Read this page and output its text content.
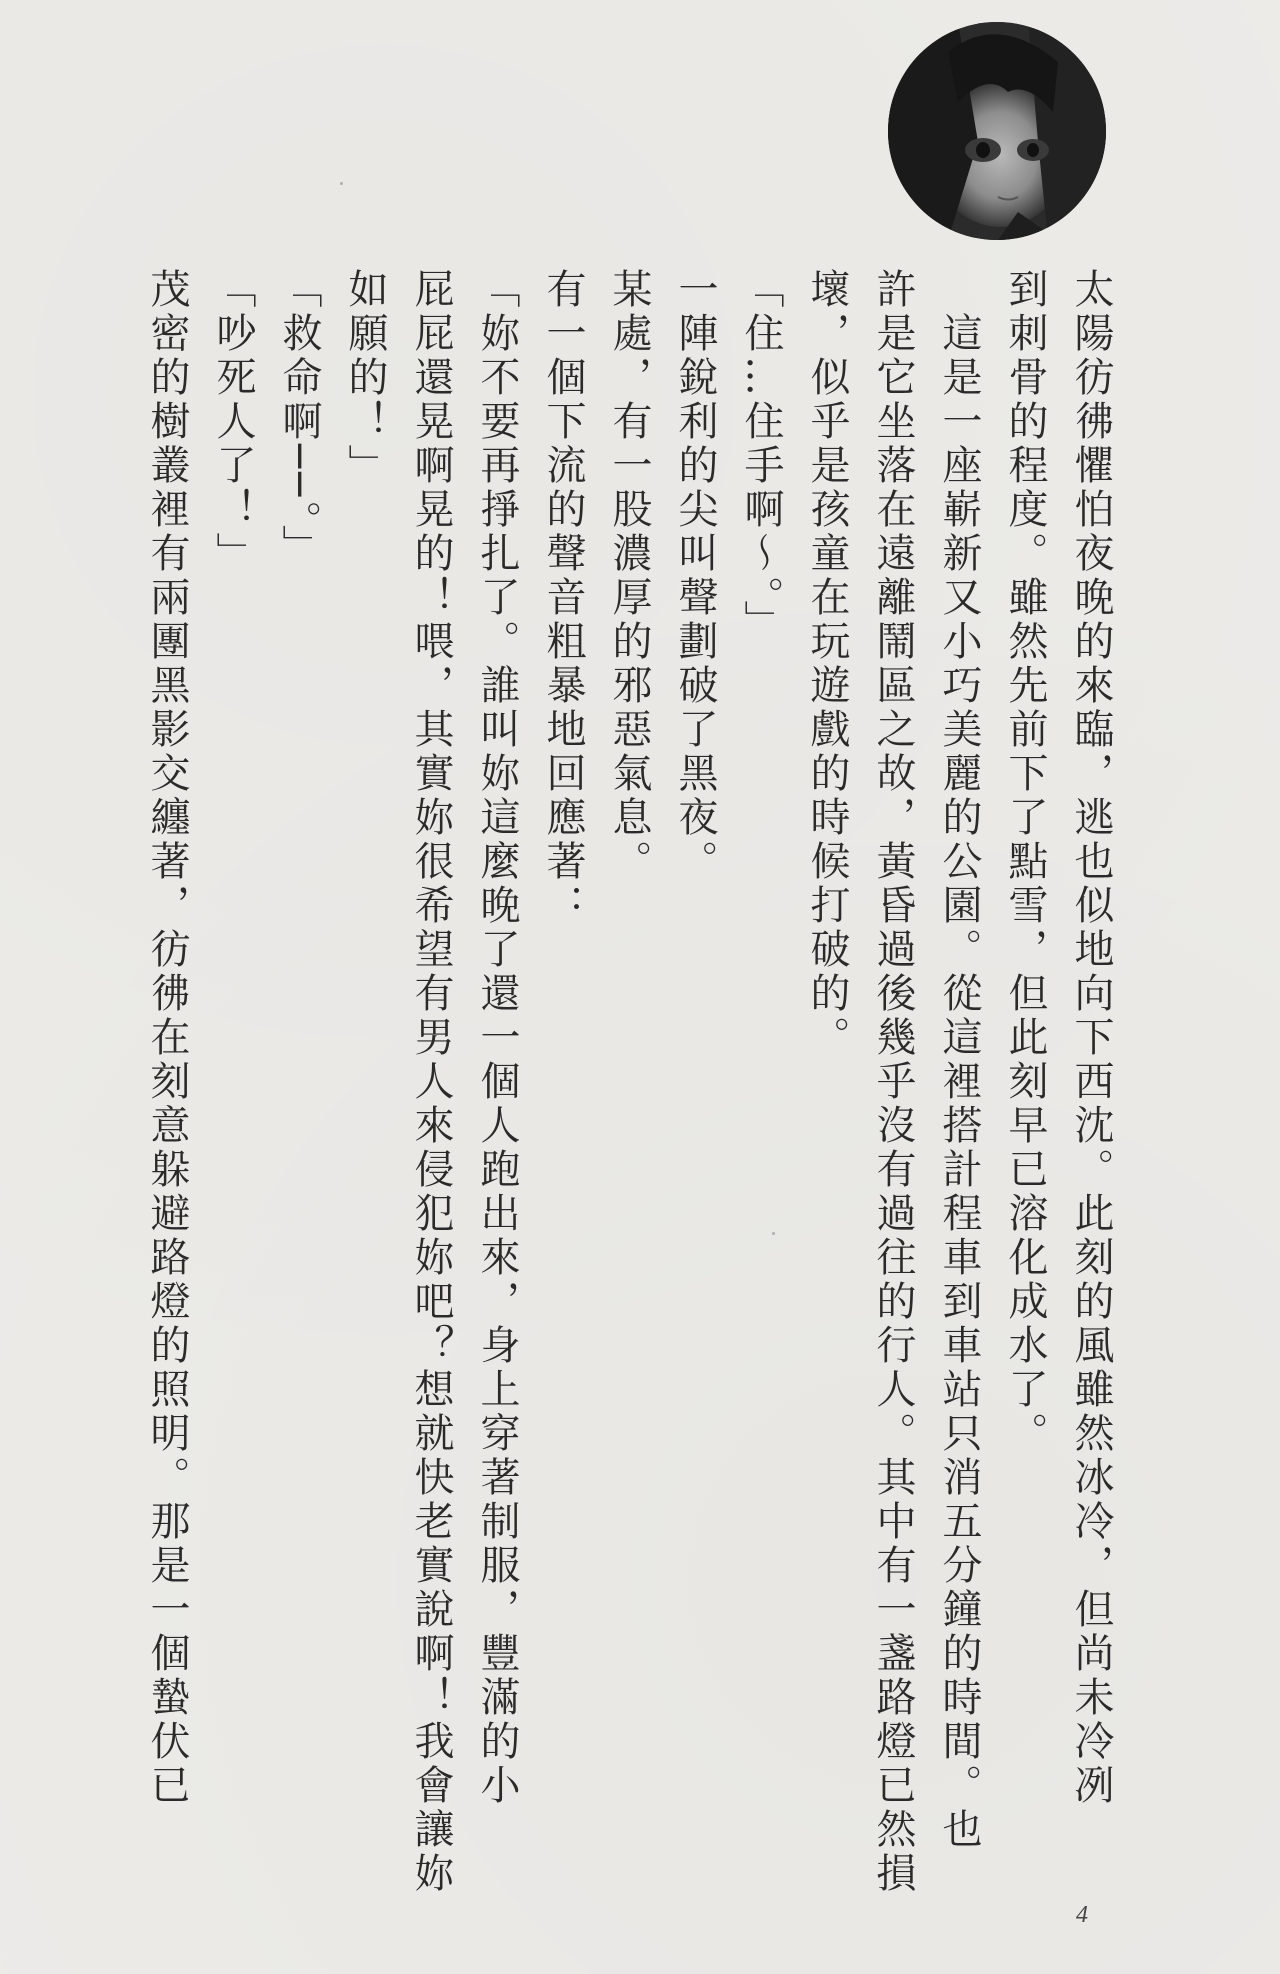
太陽彷彿懼怕夜晚的來臨，逃也似地向下西沈。此刻的風雖然冰冷，但尚未冷冽
到刺骨的程度。雖然先前下了點雪，但此刻早已溶化成水了。
　這是一座嶄新又小巧美麗的公園。從這裡搭計程車到車站只消五分鐘的時間。也
許是它坐落在遠離鬧區之故，黃昏過後幾乎沒有過往的行人。其中有一盞路燈已然損
壞，似乎是孩童在玩遊戲的時候打破的。
「住…住手啊～。」
一陣銳利的尖叫聲劃破了黑夜。
某處，有一股濃厚的邪惡氣息。
有一個下流的聲音粗暴地回應著：
「妳不要再掙扎了。誰叫妳這麼晚了還一個人跑出來，身上穿著制服，豐滿的小
屁屁還晃啊晃的！喂，其實妳很希望有男人來侵犯妳吧？想就快老實說啊！我會讓妳
如願的！」
「救命啊──。」
「吵死人了！」
茂密的樹叢裡有兩團黑影交纏著，彷彿在刻意躲避路燈的照明。那是一個蟄伏已
4
